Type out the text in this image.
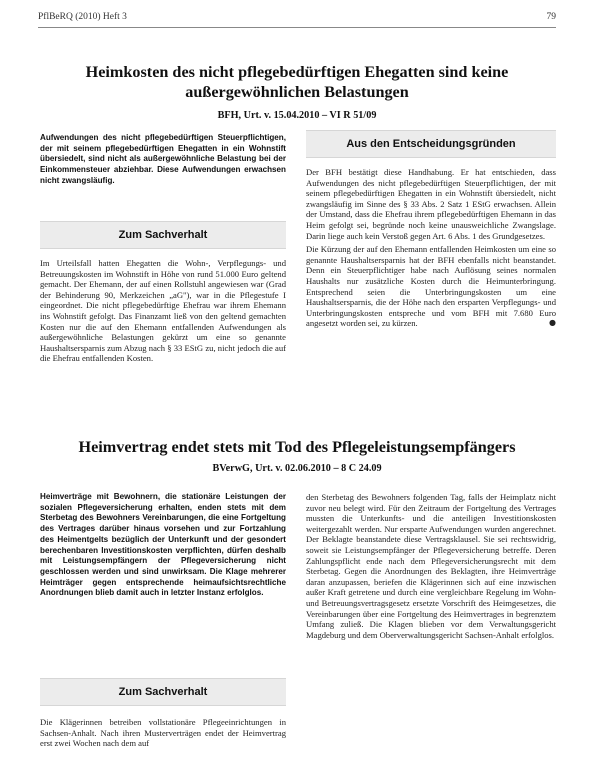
PflBeRQ (2010) Heft 3	79
Heimkosten des nicht pflegebedürftigen Ehegatten sind keine außergewöhnlichen Belastungen
BFH, Urt. v. 15.04.2010 – VI R 51/09

Aufwendungen des nicht pflegebedürftigen Steuerpflichtigen, der mit seinem pflegebedürftigen Ehegatten in ein Wohnstift übersiedelt, sind nicht als außergewöhnliche Belastung bei der Einkommensteuer abziehbar. Diese Aufwendungen erwachsen nicht zwangsläufig.

Zum Sachverhalt

Im Urteilsfall hatten Ehegatten die Wohn-, Verpflegungs- und Betreuungskosten im Wohnstift in Höhe von rund 51.000 Euro geltend gemacht. Der Ehemann, der auf einen Rollstuhl angewiesen war (Grad der Behinderung 90, Merkzeichen „aG"), war in die Pflegestufe I eingeordnet. Die nicht pflegebedürftige Ehefrau war ihrem Ehemann ins Wohnstift gefolgt. Das Finanzamt ließ von den geltend gemachten Kosten nur die auf den Ehemann entfallenden Aufwendungen als außergewöhnliche Belastungen gekürzt um eine so genannte Haushaltsersparnis zum Abzug nach § 33 EStG zu, nicht jedoch die auf die Ehefrau entfallenden Kosten.

Aus den Entscheidungsgründen

Der BFH bestätigt diese Handhabung. Er hat entschieden, dass Aufwendungen des nicht pflegebedürftigen Steuerpflichtigen, der mit seinem pflegebedürftigen Ehegatten in ein Wohnstift übersiedelt, nicht zwangsläufig im Sinne des § 33 Abs. 2 Satz 1 EStG erwachsen. Allein der Umstand, dass die Ehefrau ihrem pflegebedürftigen Ehemann in das Heim gefolgt sei, begründe noch keine unausweichliche Zwangslage. Darin liege auch kein Verstoß gegen Art. 6 Abs. 1 des Grundgesetzes.

Die Kürzung der auf den Ehemann entfallenden Heimkosten um eine so genannte Haushaltsersparnis hat der BFH ebenfalls nicht beanstandet. Denn ein Steuerpflichtiger habe nach Auflösung seines normalen Haushalts nur zusätzliche Kosten durch die Heimunterbringung. Entsprechend seien die Unterbringungskosten um eine Haushaltsersparnis, die der Höhe nach den ersparten Verpflegungs- und Unterbringungskosten entspreche und vom BFH mit 7.680 Euro angesetzt worden sei, zu kürzen.	●

Heimvertrag endet stets mit Tod des Pflegeleistungsempfängers
BVerwG, Urt. v. 02.06.2010 – 8 C 24.09

Heimverträge mit Bewohnern, die stationäre Leistungen der sozialen Pflegeversicherung erhalten, enden stets mit dem Sterbetag des Bewohners Vereinbarungen, die eine Fortgeltung des Vertrages darüber hinaus vorsehen und zur Fortzahlung des Heimentgelts bezüglich der Unterkunft und der gesondert berechenbaren Investitionskosten verpflichten, dürfen deshalb mit Leistungsempfängern der Pflegeversicherung nicht geschlossen werden und sind unwirksam. Die Klage mehrerer Heimträger gegen entsprechende heimaufsichtsrechtliche Anordnungen blieb damit auch in letzter Instanz erfolglos.

Zum Sachverhalt

Die Klägerinnen betreiben vollstationäre Pflegeeinrichtungen in Sachsen-Anhalt. Nach ihren Musterverträgen endet der Heimvertrag erst zwei Wochen nach dem auf

den Sterbetag des Bewohners folgenden Tag, falls der Heimplatz nicht zuvor neu belegt wird. Für den Zeitraum der Fortgeltung des Vertrages mussten die Unterkunfts- und die anteiligen Investitionskosten weitergezahlt werden. Nur ersparte Aufwendungen wurden angerechnet. Der Beklagte beanstandete diese Vertragsklausel. Sie sei rechtswidrig, soweit sie Leistungsempfänger der Pflegeversicherung betreffe. Deren Zahlungspflicht ende nach dem Pflegeversicherungsrecht mit dem Sterbetag. Gegen die Anordnungen des Beklagten, ihre Heimverträge daran anzupassen, beriefen die Klägerinnen sich auf eine inzwischen außer Kraft getretene und durch eine vergleichbare Regelung im Wohn- und Betreuungsvertragsgesetz ersetzte Vorschrift des Heimgesetzes, die Vereinbarungen über eine Fortgeltung des Heimvertrages in begrenztem Umfang zuließ. Die Klagen blieben vor dem Verwaltungsgericht Magdeburg und dem Oberverwaltungsgericht Sachsen-Anhalt erfolglos.
